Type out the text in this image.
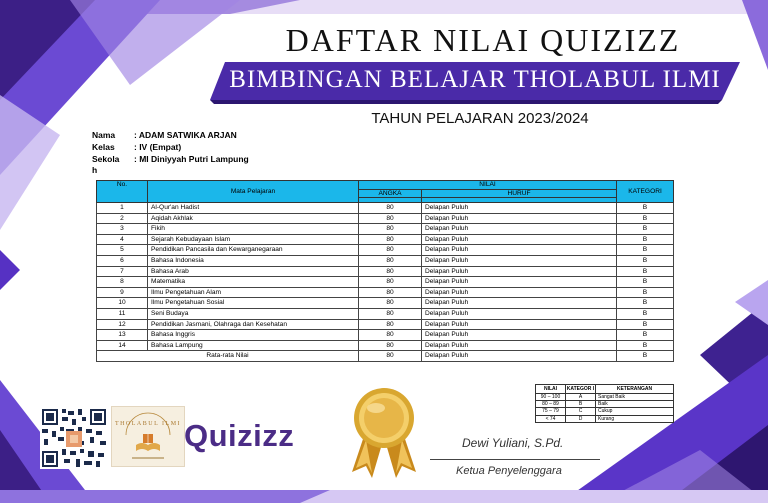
DAFTAR NILAI QUIZIZZ
BIMBINGAN BELAJAR THOLABUL ILMI
TAHUN PELAJARAN 2023/2024
Nama	: ADAM SATWIKA ARJAN
Kelas	: IV (Empat)
Sekola	: MI Diniyyah Putri Lampung
h
No.	Mata Pelajaran	NILAI		KATEGORI
		ANGKA	HURUF	

1	Al-Qur'an Hadist	80	Delapan Puluh	B
2	Aqidah Akhlak	80	Delapan Puluh	B
3	Fikih	80	Delapan Puluh	B
4	Sejarah Kebudayaan Islam	80	Delapan Puluh	B
5	Pendidikan Pancasila dan Kewarganegaraan	80	Delapan Puluh	B
6	Bahasa Indonesia	80	Delapan Puluh	B
7	Bahasa Arab	80	Delapan Puluh	B
8	Matematika	80	Delapan Puluh	B
9	Ilmu Pengetahuan Alam	80	Delapan Puluh	B
10	Ilmu Pengetahuan Sosial	80	Delapan Puluh	B
11	Seni Budaya	80	Delapan Puluh	B
12	Pendidikan Jasmani, Olahraga dan Kesehatan	80	Delapan Puluh	B
13	Bahasa Inggris	80	Delapan Puluh	B
14	Bahasa Lampung	80	Delapan Puluh	B
Rata-rata Nilai		80	Delapan Puluh	B
NILAI	KATEGOR I	KETERANGAN
90 – 100	A	Sangat Baik
80 – 89	B	Baik
75 – 79	C	Cukup
< 74	D	Kurang
THOLABUL ILMI Quizizz	Dewi Yuliani, S.Pd.
Ketua Penyelenggara
